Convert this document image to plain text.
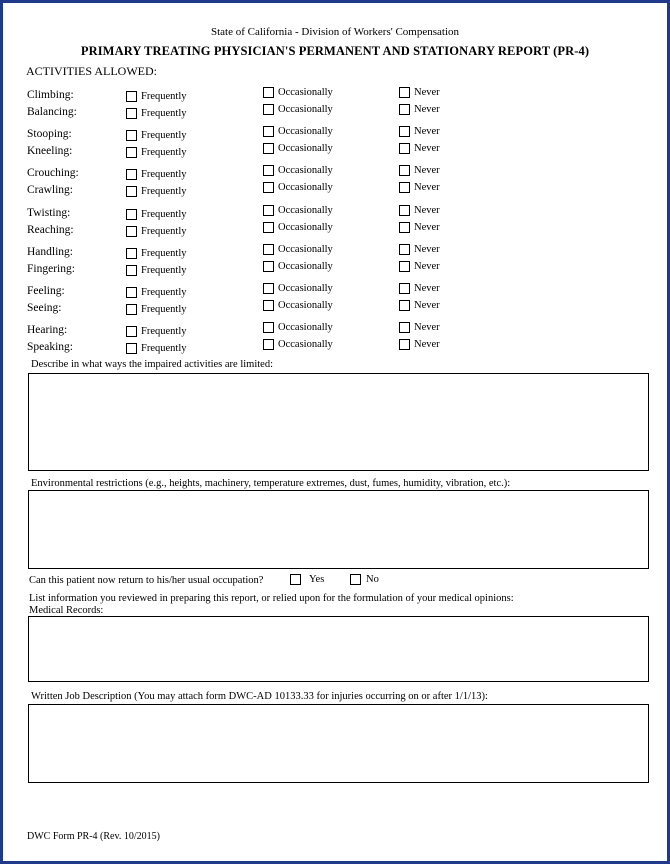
State of California - Division of Workers' Compensation
PRIMARY TREATING PHYSICIAN'S PERMANENT AND STATIONARY REPORT (PR-4)
ACTIVITIES ALLOWED:
Climbing:	Frequently	Occasionally	Never
Balancing:	Frequently	Occasionally	Never
Stooping:	Frequently	Occasionally	Never
Kneeling:	Frequently	Occasionally	Never
Crouching:	Frequently	Occasionally	Never
Crawling:	Frequently	Occasionally	Never
Twisting:	Frequently	Occasionally	Never
Reaching:	Frequently	Occasionally	Never
Handling:	Frequently	Occasionally	Never
Fingering:	Frequently	Occasionally	Never
Feeling:	Frequently	Occasionally	Never
Seeing:	Frequently	Occasionally	Never
Hearing:	Frequently	Occasionally	Never
Speaking:	Frequently	Occasionally	Never
Describe in what ways the impaired activities are limited:
Environmental restrictions (e.g., heights, machinery, temperature extremes, dust, fumes, humidity, vibration, etc.):
Can this patient now return to his/her usual occupation?	Yes	No
List information you reviewed in preparing this report, or relied upon for the formulation of your medical opinions:
Medical Records:
Written Job Description (You may attach form DWC-AD 10133.33 for injuries occurring on or after 1/1/13):
DWC Form PR-4 (Rev. 10/2015)
